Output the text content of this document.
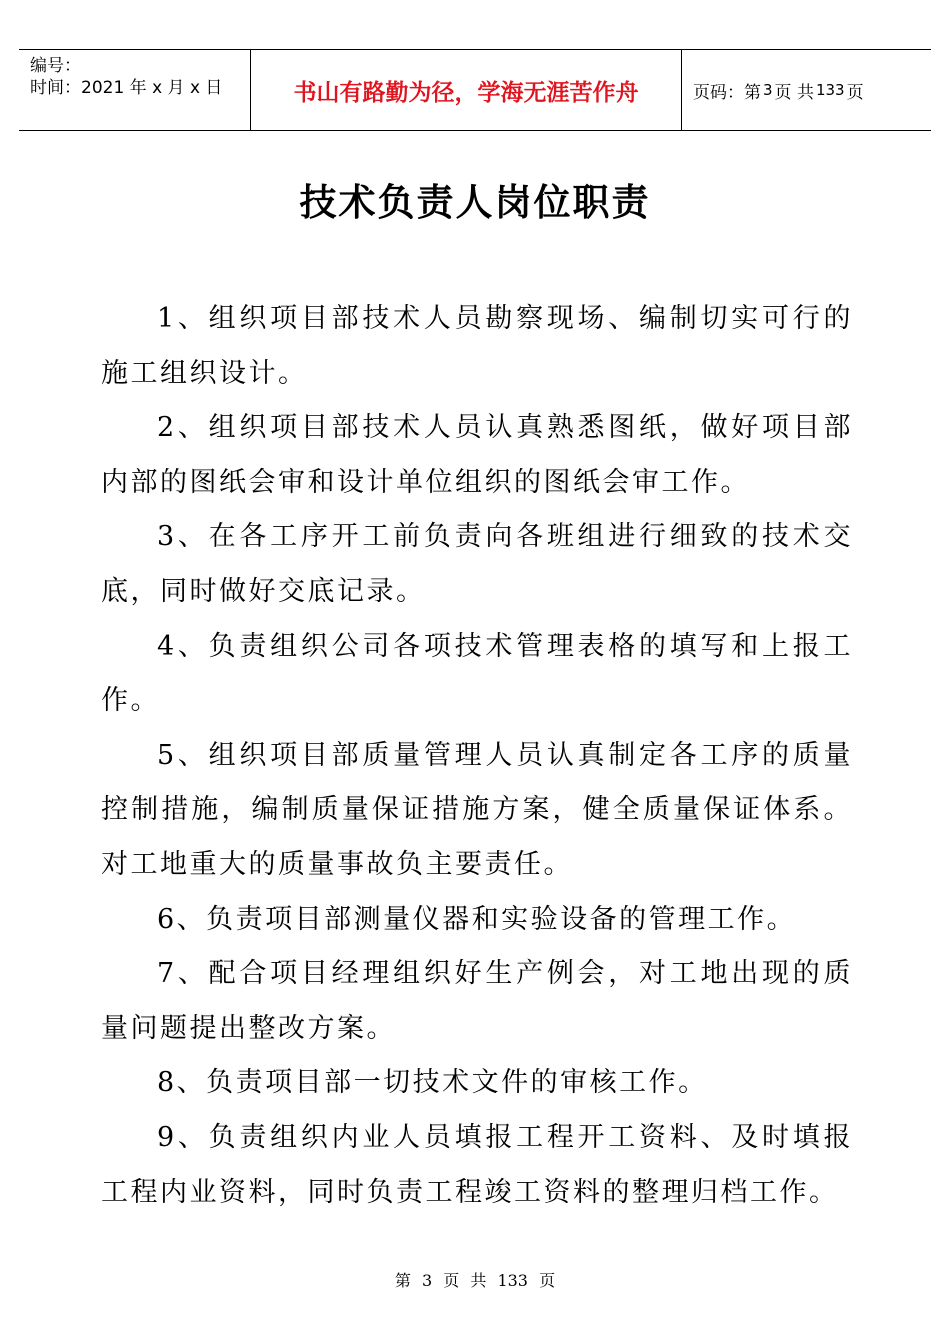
编号：
时间：2021 年 x 月 x 日	书山有路勤为径，学海无涯苦作舟	页码：第 3 页 共 133 页
技术负责人岗位职责

1、组织项目部技术人员勘察现场、编制切实可行的施工组织设计。

2、组织项目部技术人员认真熟悉图纸，做好项目部内部的图纸会审和设计单位组织的图纸会审工作。

3、在各工序开工前负责向各班组进行细致的技术交底，同时做好交底记录。

4、负责组织公司各项技术管理表格的填写和上报工作。

5、组织项目部质量管理人员认真制定各工序的质量控制措施，编制质量保证措施方案，健全质量保证体系。对工地重大的质量事故负主要责任。

6、负责项目部测量仪器和实验设备的管理工作。

7、配合项目经理组织好生产例会，对工地出现的质量问题提出整改方案。

8、负责项目部一切技术文件的审核工作。

9、负责组织内业人员填报工程开工资料、及时填报工程内业资料，同时负责工程竣工资料的整理归档工作。

第 3 页 共 133 页
